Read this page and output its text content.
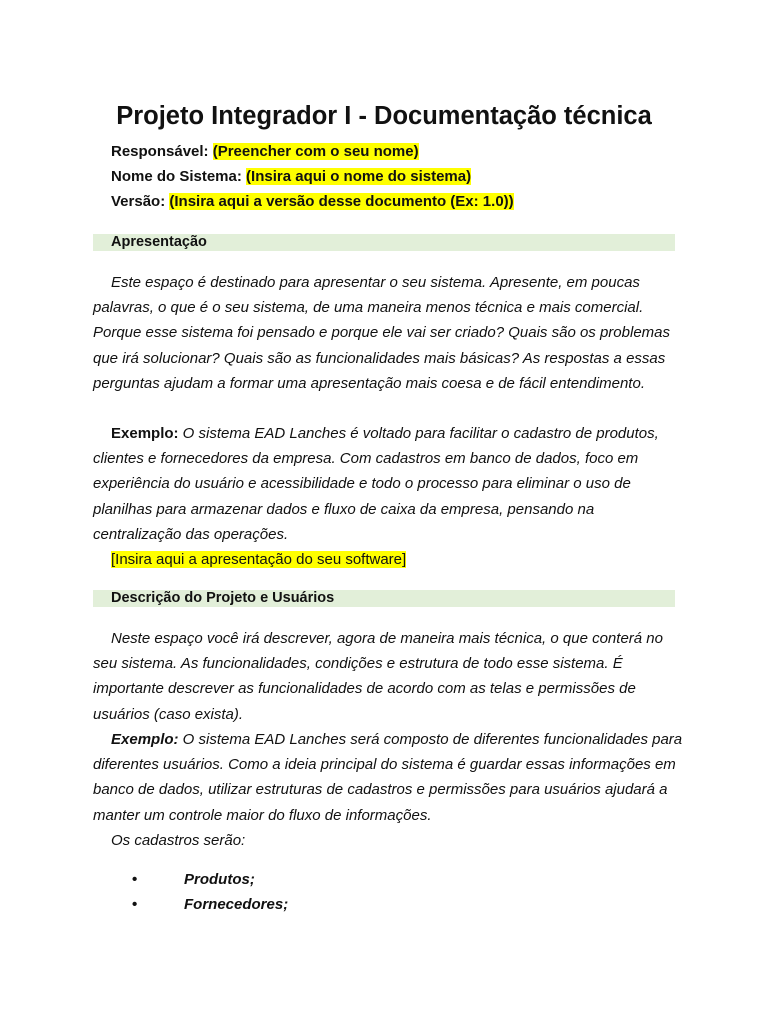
Projeto Integrador I - Documentação técnica
Responsável: (Preencher com o seu nome)
Nome do Sistema: (Insira aqui o nome do sistema)
Versão: (Insira aqui a versão desse documento (Ex: 1.0))
Apresentação

Este espaço é destinado para apresentar o seu sistema. Apresente, em poucas palavras, o que é o seu sistema, de uma maneira menos técnica e mais comercial. Porque esse sistema foi pensado e porque ele vai ser criado? Quais são os problemas que irá solucionar? Quais são as funcionalidades mais básicas? As respostas a essas perguntas ajudam a formar uma apresentação mais coesa e de fácil entendimento.

Exemplo: O sistema EAD Lanches é voltado para facilitar o cadastro de produtos, clientes e fornecedores da empresa. Com cadastros em banco de dados, foco em experiência do usuário e acessibilidade e todo o processo para eliminar o uso de planilhas para armazenar dados e fluxo de caixa da empresa, pensando na centralização das operações.

[Insira aqui a apresentação do seu software]

Descrição do Projeto e Usuários

Neste espaço você irá descrever, agora de maneira mais técnica, o que conterá no seu sistema. As funcionalidades, condições e estrutura de todo esse sistema. É importante descrever as funcionalidades de acordo com as telas e permissões de usuários (caso exista).

Exemplo: O sistema EAD Lanches será composto de diferentes funcionalidades para diferentes usuários. Como a ideia principal do sistema é guardar essas informações em banco de dados, utilizar estruturas de cadastros e permissões para usuários ajudará a manter um controle maior do fluxo de informações.

Os cadastros serão:

•	Produtos;
•	Fornecedores;
